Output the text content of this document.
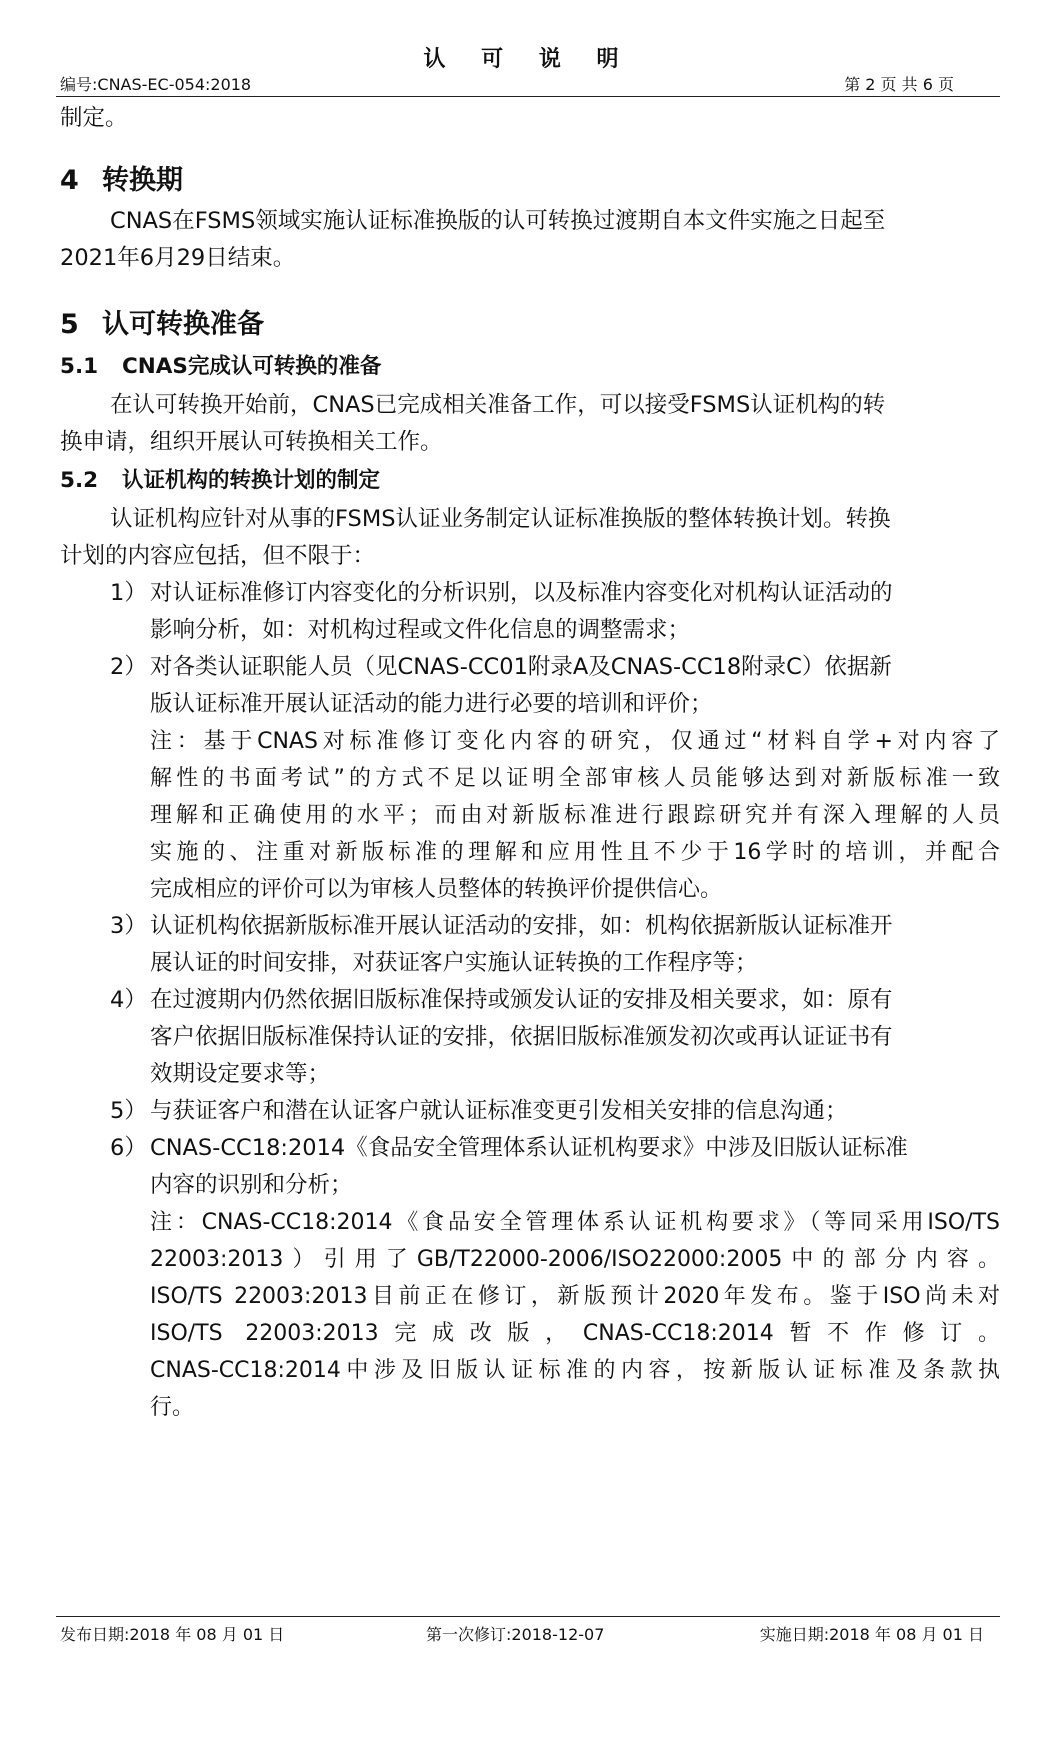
认 可 说 明
编号:CNAS-EC-054:2018	第 2 页 共 6 页
制定。
4 转换期
CNAS在FSMS领域实施认证标准换版的认可转换过渡期自本文件实施之日起至
2021年6月29日结束。
5 认可转换准备
5.1 CNAS完成认可转换的准备
在认可转换开始前，CNAS已完成相关准备工作，可以接受FSMS认证机构的转
换申请，组织开展认可转换相关工作。
5.2 认证机构的转换计划的制定
认证机构应针对从事的FSMS认证业务制定认证标准换版的整体转换计划。转换
计划的内容应包括，但不限于：
1） 对认证标准修订内容变化的分析识别，以及标准内容变化对机构认证活动的
影响分析，如：对机构过程或文件化信息的调整需求；
2） 对各类认证职能人员（见CNAS-CC01附录A及CNAS-CC18附录C）依据新
版认证标准开展认证活动的能力进行必要的培训和评价；
注：基于CNAS对标准修订变化内容的研究，仅通过“材料自学+对内容了
解性的书面考试”的方式不足以证明全部审核人员能够达到对新版标准一致
理解和正确使用的水平；而由对新版标准进行跟踪研究并有深入理解的人员
实施的、注重对新版标准的理解和应用性且不少于16学时的培训，并配合
完成相应的评价可以为审核人员整体的转换评价提供信心。
3） 认证机构依据新版标准开展认证活动的安排，如：机构依据新版认证标准开
展认证的时间安排，对获证客户实施认证转换的工作程序等；
4） 在过渡期内仍然依据旧版标准保持或颁发认证的安排及相关要求，如：原有
客户依据旧版标准保持认证的安排，依据旧版标准颁发初次或再认证证书有
效期设定要求等；
5） 与获证客户和潜在认证客户就认证标准变更引发相关安排的信息沟通；
6） CNAS-CC18:2014《食品安全管理体系认证机构要求》中涉及旧版认证标准
内容的识别和分析；
注：CNAS-CC18:2014《食品安全管理体系认证机构要求》（等同采用ISO/TS
22003:2013）引用了GB/T22000-2006/ISO22000:2005中的部分内容。
ISO/TS 22003:2013目前正在修订，新版预计2020年发布。鉴于ISO尚未对
ISO/TS 22003:2013完成改版，CNAS-CC18:2014暂不作修订。
CNAS-CC18:2014中涉及旧版认证标准的内容，按新版认证标准及条款执
行。
发布日期:2018 年 08 月 01 日	第一次修订:2018-12-07	实施日期:2018 年 08 月 01 日
